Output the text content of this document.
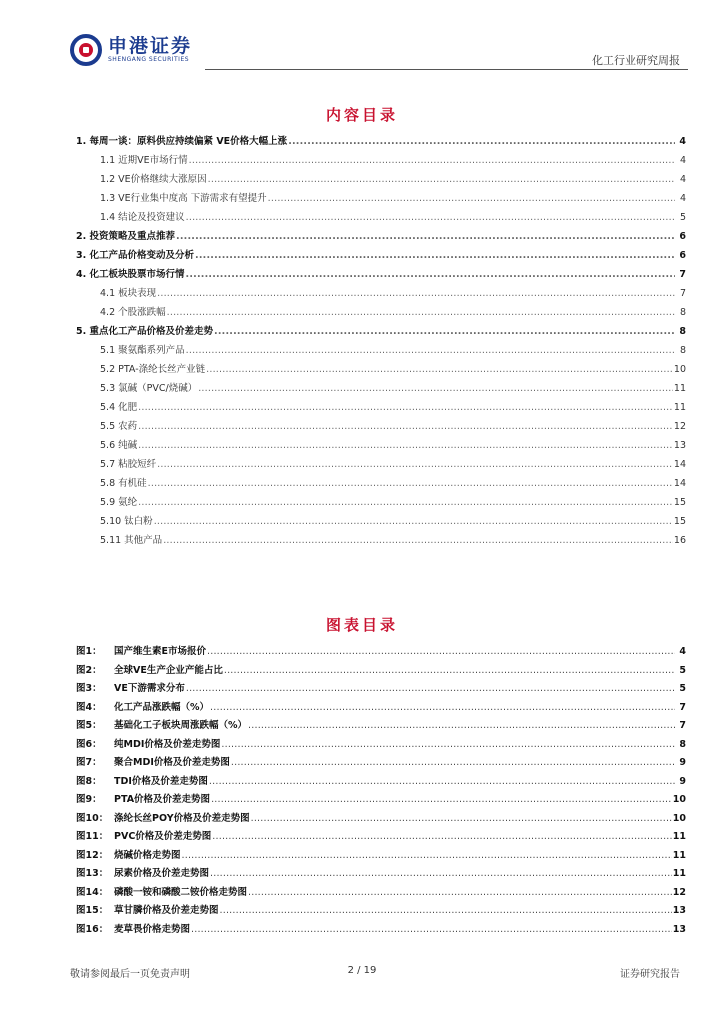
申港证券
SHENGANG SECURITIES	化工行业研究周报
内容目录
1. 每周一谈：原料供应持续偏紧 VE价格大幅上涨 .....	4
1.1 近期VE市场行情 .....	4
1.2 VE价格继续大涨原因 .....	4
1.3 VE行业集中度高 下游需求有望提升 .....	4
1.4 结论及投资建议 .....	5
2. 投资策略及重点推荐 .....	6
3. 化工产品价格变动及分析 .....	6
4. 化工板块股票市场行情 .....	7
4.1 板块表现 .....	7
4.2 个股涨跌幅 .....	8
5. 重点化工产品价格及价差走势 .....	8
5.1 聚氨酯系列产品 .....	8
5.2 PTA-涤纶长丝产业链 .....	10
5.3 氯碱（PVC/烧碱） .....	11
5.4 化肥 .....	11
5.5 农药 .....	12
5.6 纯碱 .....	13
5.7 粘胶短纤 .....	14
5.8 有机硅 .....	14
5.9 氨纶 .....	15
5.10 钛白粉 .....	15
5.11 其他产品 .....	16
图表目录
图1：	国产维生素E市场报价 .....	4
图2：	全球VE生产企业产能占比 .....	5
图3：	VE下游需求分布 .....	5
图4：	化工产品涨跌幅（%） .....	7
图5：	基础化工子板块周涨跌幅（%） .....	7
图6：	纯MDI价格及价差走势图 .....	8
图7：	聚合MDI价格及价差走势图 .....	9
图8：	TDI价格及价差走势图 .....	9
图9：	PTA价格及价差走势图 .....	10
图10： 涤纶长丝POY价格及价差走势图 .....	10
图11： PVC价格及价差走势图 .....	11
图12： 烧碱价格走势图 .....	11
图13： 尿素价格及价差走势图 .....	11
图14： 磷酸一铵和磷酸二铵价格走势图 .....	12
图15： 草甘膦价格及价差走势图 .....	13
图16： 麦草畏价格走势图 .....	13
敬请参阅最后一页免责声明	2 / 19	证券研究报告
